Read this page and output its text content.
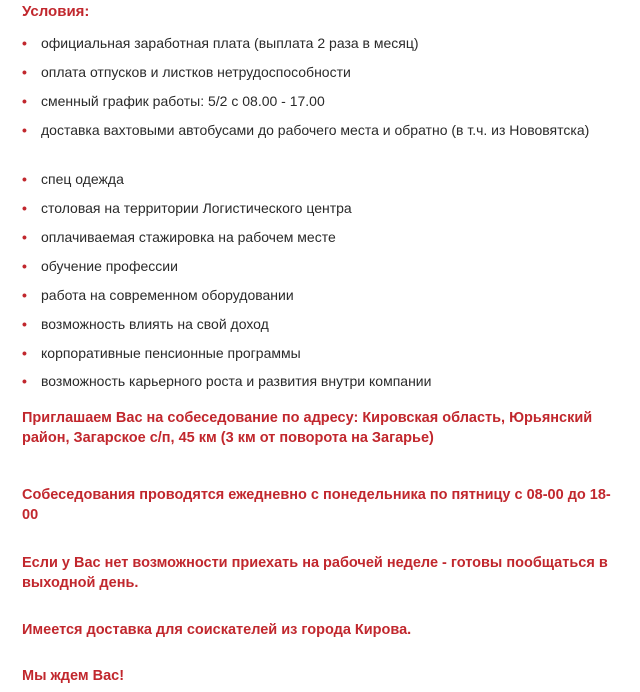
Условия:
• официальная заработная плата (выплата 2 раза в месяц)
• оплата отпусков и листков нетрудоспособности
• сменный график работы: 5/2 с 08.00 - 17.00
• доставка вахтовыми автобусами до рабочего места и обратно (в т.ч. из Нововятска)
• спец одежда
• столовая на территории Логистического центра
• оплачиваемая стажировка на рабочем месте
• обучение профессии
• работа на современном оборудовании
• возможность влиять на свой доход
• корпоративные пенсионные программы
• возможность карьерного роста и развития внутри компании

Приглашаем Вас на собеседование по адресу: Кировская область, Юрьянский район, Загарское с/п, 45 км (3 км от поворота на Загарье)

Собеседования проводятся ежедневно с понедельника по пятницу с 08-00 до 18-00

Если у Вас нет возможности приехать на рабочей неделе - готовы пообщаться в выходной день.

Имеется доставка для соискателей из города Кирова.

Мы ждем Вас!
